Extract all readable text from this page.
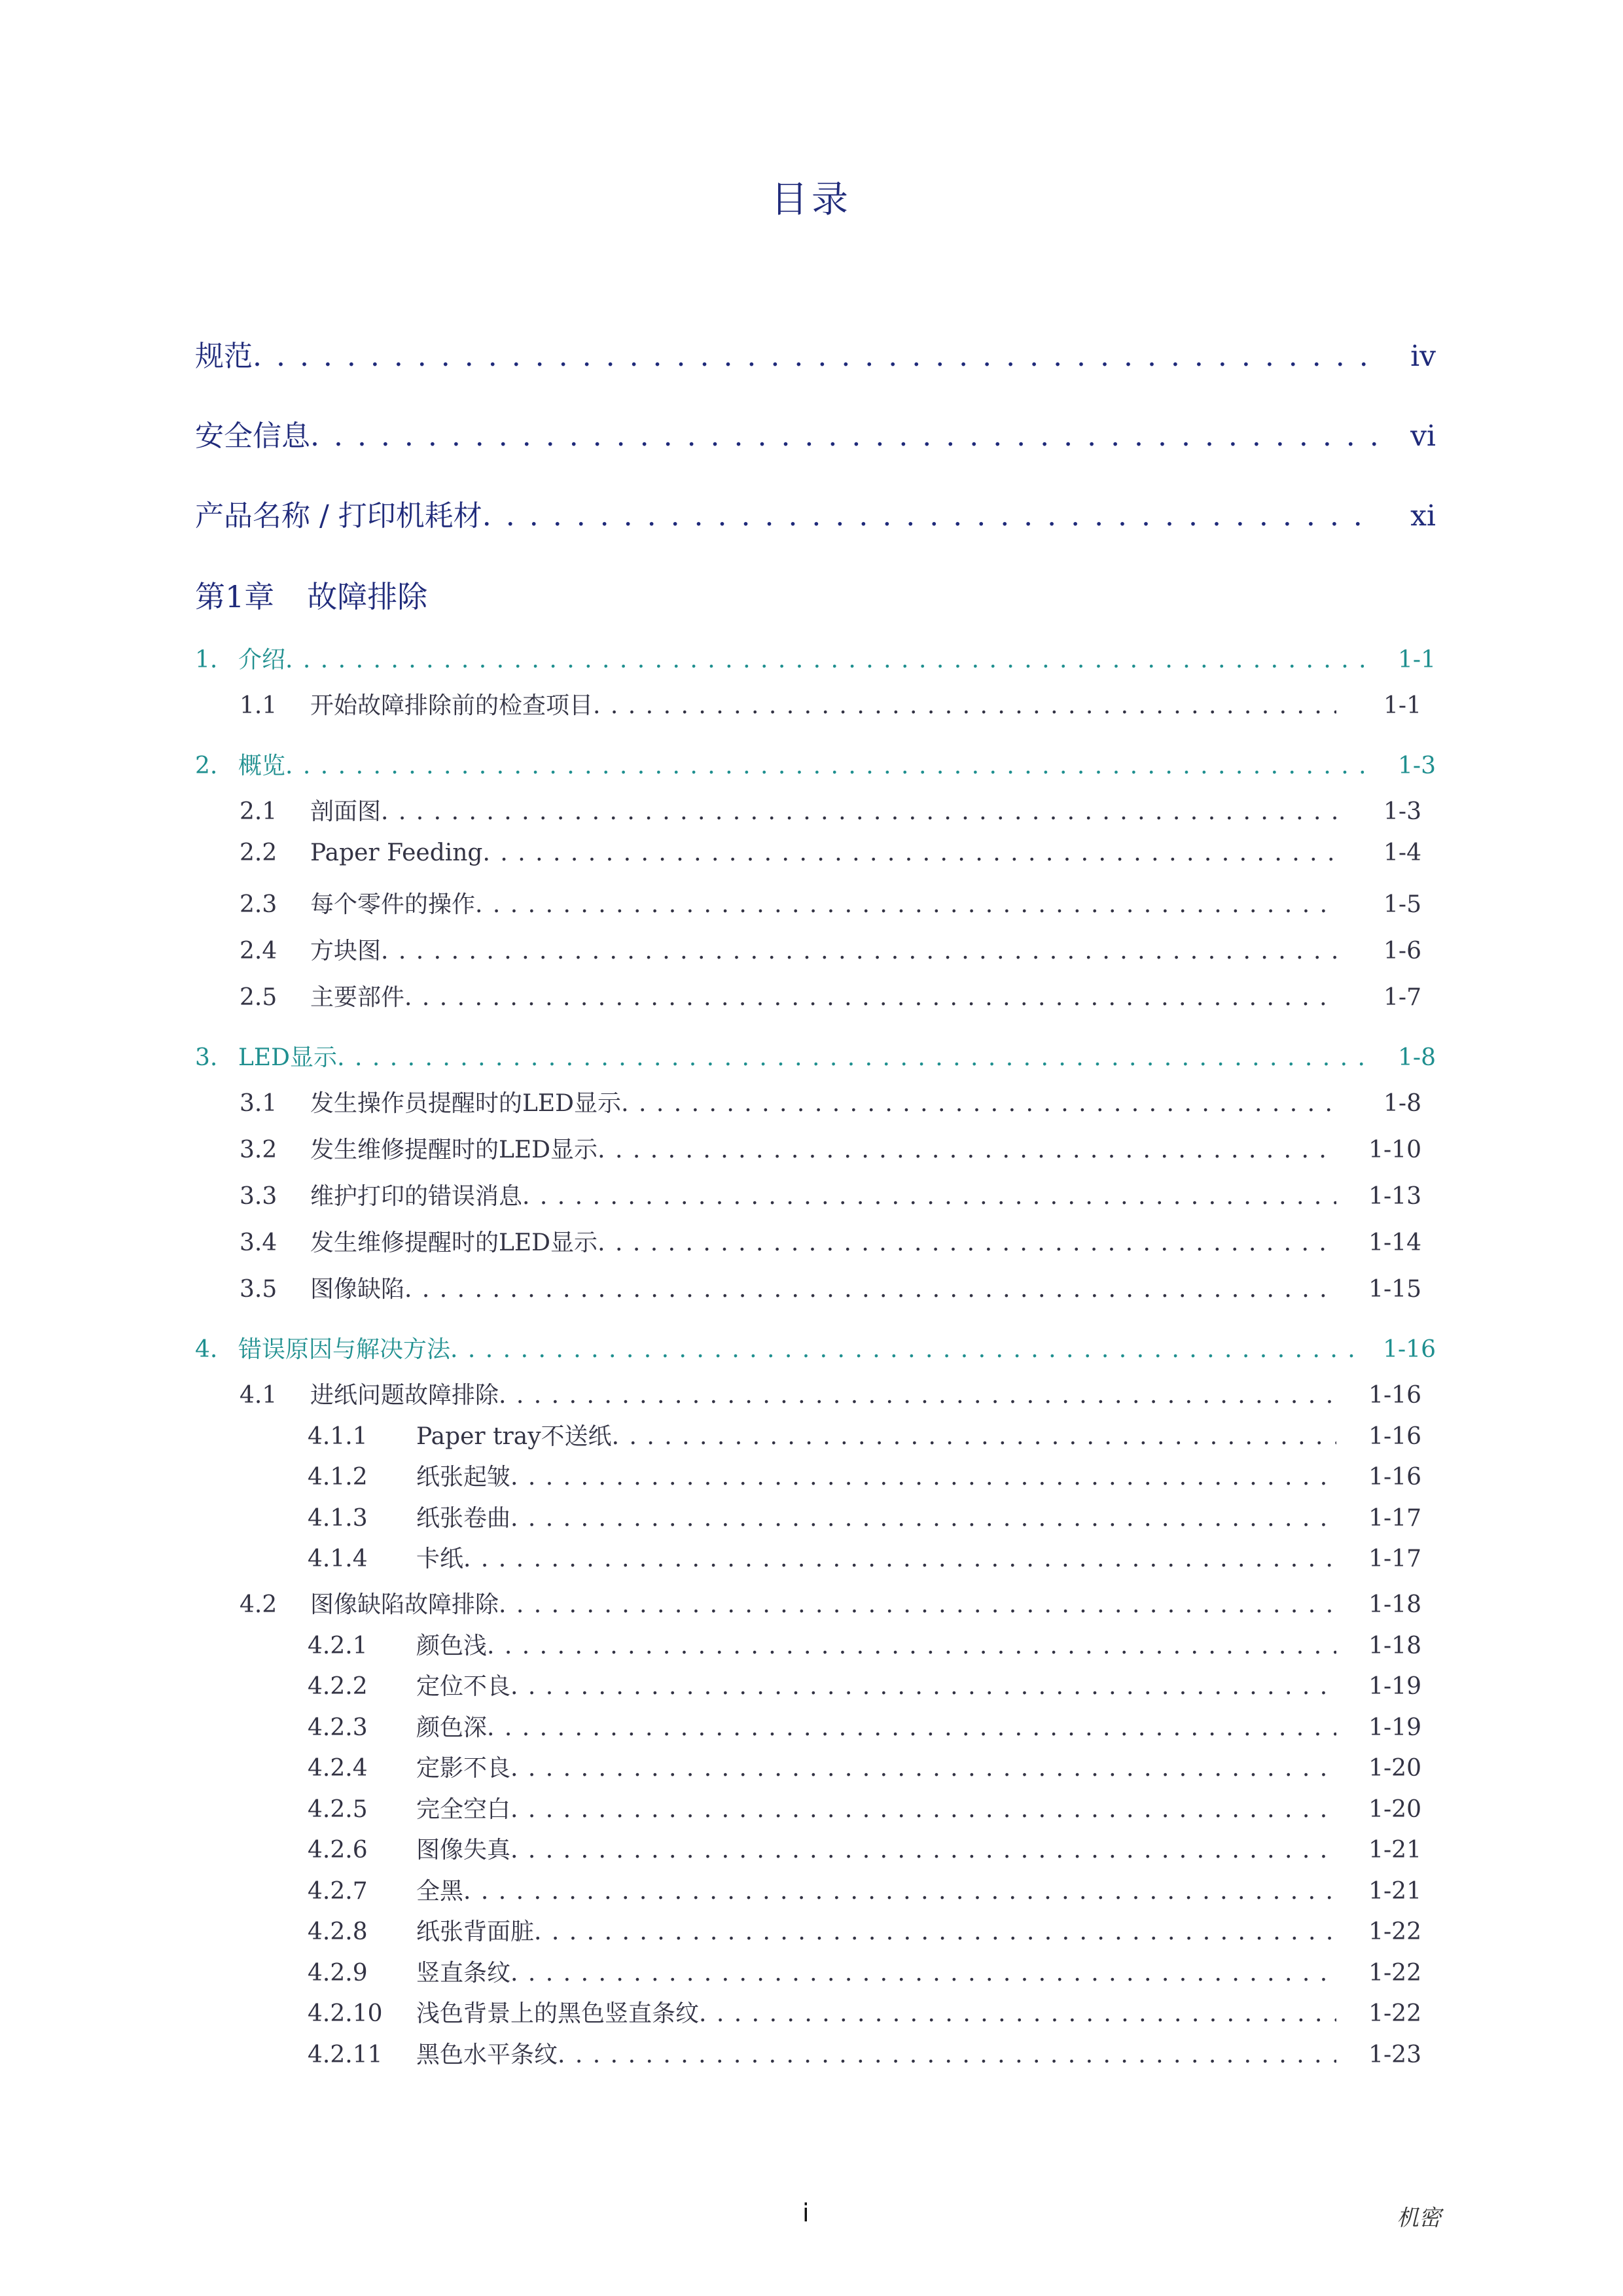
目录
规范 . . .	iv
安全信息 . . .	vi
产品名称 / 打印机耗材 . . .	xi
第1章 故障排除
1. 介绍 . . .	1-1
1.1	开始故障排除前的检查项目 . . .	1-1
2. 概览 . . .	1-3
2.1	剖面图 . . .	1-3
2.2	Paper Feeding . . .	1-4
2.3	每个零件的操作 . . .	1-5
2.4	方块图 . . .	1-6
2.5	主要部件 . . .	1-7
3. LED显示 . . .	1-8
3.1	发生操作员提醒时的LED显示 . . .	1-8
3.2	发生维修提醒时的LED显示 . . .	1-10
3.3	维护打印的错误消息 . . .	1-13
3.4	发生维修提醒时的LED显示 . . .	1-14
3.5	图像缺陷 . . .	1-15
4. 错误原因与解决方法 . . .	1-16
4.1	进纸问题故障排除 . . .	1-16
4.1.1	Paper tray不送纸 . . .	1-16
4.1.2	纸张起皱 . . .	1-16
4.1.3	纸张卷曲 . . .	1-17
4.1.4	卡纸 . . .	1-17
4.2	图像缺陷故障排除 . . .	1-18
4.2.1	颜色浅 . . .	1-18
4.2.2	定位不良 . . .	1-19
4.2.3	颜色深 . . .	1-19
4.2.4	定影不良 . . .	1-20
4.2.5	完全空白 . . .	1-20
4.2.6	图像失真 . . .	1-21
4.2.7	全黑 . . .	1-21
4.2.8	纸张背面脏 . . .	1-22
4.2.9	竖直条纹 . . .	1-22
4.2.10	浅色背景上的黑色竖直条纹 . . .	1-22
4.2.11	黑色水平条纹 . . .	1-23
i	机密
